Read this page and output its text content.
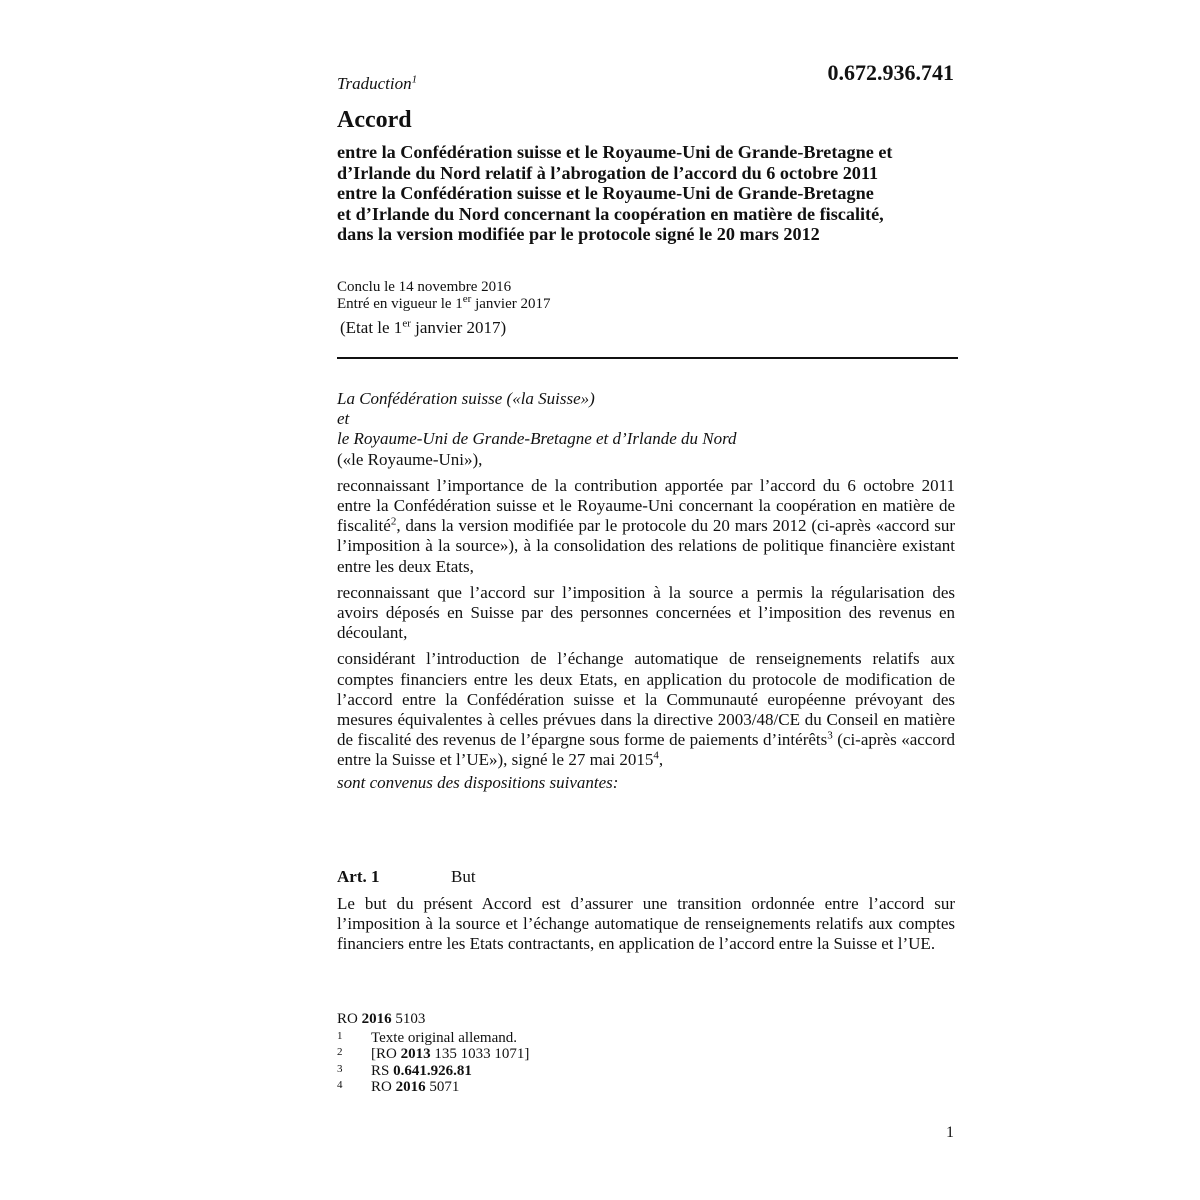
Traduction$^1$	0.672.936.741
Accord
entre la Confédération suisse et le Royaume-Uni de Grande-Bretagne et
d’Irlande du Nord relatif à l’abrogation de l’accord du 6 octobre 2011
entre la Confédération suisse et le Royaume-Uni de Grande-Bretagne
et d’Irlande du Nord concernant la coopération en matière de fiscalité,
dans la version modifiée par le protocole signé le 20 mars 2012
Conclu le 14 novembre 2016
Entré en vigueur le 1er janvier 2017
(Etat le 1er janvier 2017)

La Confédération suisse («la Suisse»)
et
le Royaume-Uni de Grande-Bretagne et d’Irlande du Nord
(«le Royaume-Uni»),

reconnaissant l’importance de la contribution apportée par l’accord du 6 octobre 2011 entre la Confédération suisse et le Royaume-Uni concernant la coopération en matière de fiscalité$^2$, dans la version modifiée par le protocole du 20 mars 2012 (ci-après «accord sur l’imposition à la source»), à la consolidation des relations de politique financière existant entre les deux Etats,

reconnaissant que l’accord sur l’imposition à la source a permis la régularisation des avoirs déposés en Suisse par des personnes concernées et l’imposition des revenus en découlant,

considérant l’introduction de l’échange automatique de renseignements relatifs aux comptes financiers entre les deux Etats, en application du protocole de modification de l’accord entre la Confédération suisse et la Communauté européenne prévoyant des mesures équivalentes à celles prévues dans la directive 2003/48/CE du Conseil en matière de fiscalité des revenus de l’épargne sous forme de paiements d’intérêts$^3$ (ci-après «accord entre la Suisse et l’UE»), signé le 27 mai 2015$^4$,

sont convenus des dispositions suivantes:

Art. 1	But
Le but du présent Accord est d’assurer une transition ordonnée entre l’accord sur l’imposition à la source et l’échange automatique de renseignements relatifs aux comptes financiers entre les Etats contractants, en application de l’accord entre la Suisse et l’UE.
RO 2016 5103
1	Texte original allemand.
2	[RO 2013 135 1033 1071]
3	RS 0.641.926.81
4	RO 2016 5071
1
